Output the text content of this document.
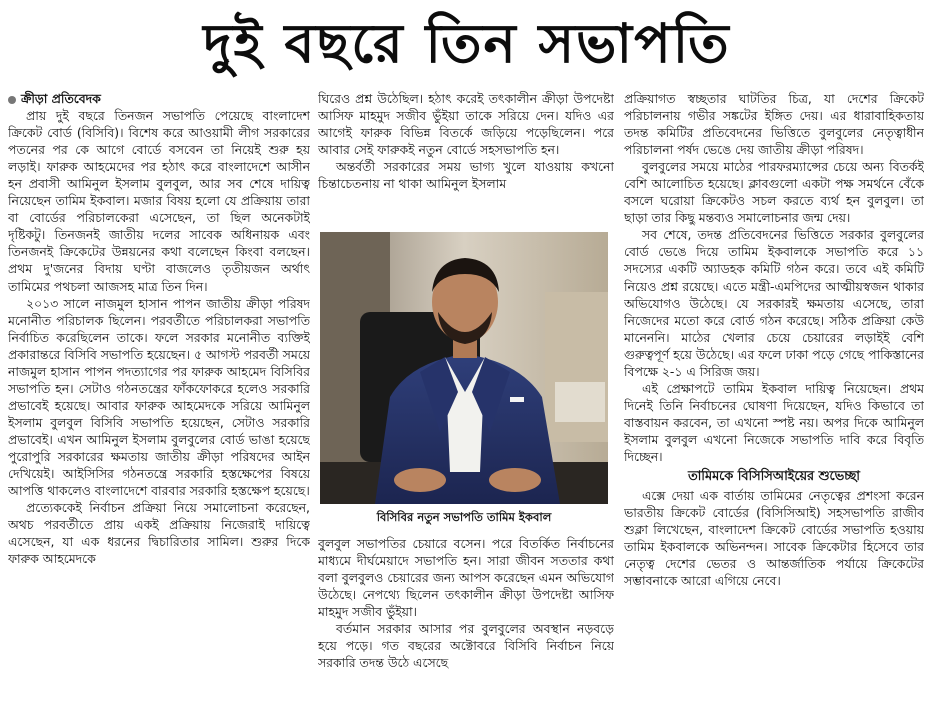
দুই বছরে তিন সভাপতি

ক্রীড়া প্রতিবেদক

প্রায় দুই বছরে তিনজন সভাপতি পেয়েছে বাংলাদেশ ক্রিকেট বোর্ড (বিসিবি)। বিশেষ করে আওয়ামী লীগ সরকারের পতনের পর কে আগে বোর্ডে বসবেন তা নিয়েই শুরু হয় লড়াই। ফারুক আহমেদের পর হঠাৎ করে বাংলাদেশে আসীন হন প্রবাসী আমিনুল ইসলাম বুলবুল, আর সব শেষে দায়িত্ব নিয়েছেন তামিম ইকবাল। মজার বিষয় হলো যে প্রক্রিয়ায় তারা বা বোর্ডের পরিচালকেরা এসেছেন, তা ছিল অনেকটাই দৃষ্টিকটু। তিনজনই জাতীয় দলের সাবেক অধিনায়ক এবং তিনজনই ক্রিকেটের উন্নয়নের কথা বলেছেন কিংবা বলছেন। প্রথম দু'জনের বিদায় ঘণ্টা বাজলেও তৃতীয়জন অর্থাৎ তামিমের পথচলা আজসহ মাত্র তিন দিন।

২০১৩ সালে নাজমুল হাসান পাপন জাতীয় ক্রীড়া পরিষদ মনোনীত পরিচালক ছিলেন। পরবর্তীতে পরিচালকরা সভাপতি নির্বাচিত করেছিলেন তাকে। ফলে সরকার মনোনীত ব্যক্তিই প্রকারান্তরে বিসিবি সভাপতি হয়েছেন। ৫ আগস্ট পরবর্তী সময়ে নাজমুল হাসান পাপন পদত্যাগের পর ফারুক আহমেদ বিসিবির সভাপতি হন। সেটাও গঠনতন্ত্রের ফাঁকফোকরে হলেও সরকারি প্রভাবেই হয়েছে। আবার ফারুক আহমেদকে সরিয়ে আমিনুল ইসলাম বুলবুল বিসিবি সভাপতি হয়েছেন, সেটাও সরকারি প্রভাবেই। এখন আমিনুল ইসলাম বুলবুলের বোর্ড ভাঙা হয়েছে পুরোপুরি সরকারের ক্ষমতায় জাতীয় ক্রীড়া পরিষদের আইন দেখিয়েই। আইসিসির গঠনতন্ত্রে সরকারি হস্তক্ষেপের বিষয়ে আপত্তি থাকলেও বাংলাদেশে বারবার সরকারি হস্তক্ষেপ হয়েছে।

প্রত্যেককেই নির্বাচন প্রক্রিয়া নিয়ে সমালোচনা করেছেন, অথচ পরবর্তীতে প্রায় একই প্রক্রিয়ায় নিজেরাই দায়িত্বে এসেছেন, যা এক ধরনের দ্বিচারিতার সামিল। শুরুর দিকে ফারুক আহমেদকে

ঘিরেও প্রশ্ন উঠেছিল। হঠাৎ করেই তৎকালীন ক্রীড়া উপদেষ্টা আসিফ মাহমুদ সজীব ভুঁইয়া তাকে সরিয়ে দেন। যদিও এর আগেই ফারুক বিভিন্ন বিতর্কে জড়িয়ে পড়েছিলেন। পরে আবার সেই ফারুকই নতুন বোর্ডে সহসভাপতি হন।

অন্তর্বর্তী সরকারের সময় ভাগ্য খুলে যাওয়ায় কখনো চিন্তাচেতনায় না থাকা আমিনুল ইসলাম

বিসিবির নতুন সভাপতি তামিম ইকবাল

বুলবুল সভাপতির চেয়ারে বসেন। পরে বিতর্কিত নির্বাচনের মাধ্যমে দীর্ঘমেয়াদে সভাপতি হন। সারা জীবন সততার কথা বলা বুলবুলও চেয়ারের জন্য আপস করেছেন এমন অভিযোগ উঠেছে। নেপথ্যে ছিলেন তৎকালীন ক্রীড়া উপদেষ্টা আসিফ মাহমুদ সজীব ভুঁইয়া।

বর্তমান সরকার আসার পর বুলবুলের অবস্থান নড়বড়ে হয়ে পড়ে। গত বছরের অক্টোবরে বিসিবি নির্বাচন নিয়ে সরকারি তদন্ত উঠে এসেছে

প্রক্রিয়াগত স্বচ্ছতার ঘাটতির চিত্র, যা দেশের ক্রিকেট পরিচালনায় গভীর সঙ্কটের ইঙ্গিত দেয়। এর ধারাবাহিকতায় তদন্ত কমিটির প্রতিবেদনের ভিত্তিতে বুলবুলের নেতৃত্বাধীন পরিচালনা পর্ষদ ভেঙে দেয় জাতীয় ক্রীড়া পরিষদ।

বুলবুলের সময়ে মাঠের পারফরম্যান্সের চেয়ে অন্য বিতর্কই বেশি আলোচিত হয়েছে। ক্লাবগুলো একটা পক্ষ সমর্থনে বেঁকে বসলে ঘরোয়া ক্রিকেটও সচল করতে ব্যর্থ হন বুলবুল। তা ছাড়া তার কিছু মন্তব্যও সমালোচনার জন্ম দেয়।

সব শেষে, তদন্ত প্রতিবেদনের ভিত্তিতে সরকার বুলবুলের বোর্ড ভেঙে দিয়ে তামিম ইকবালকে সভাপতি করে ১১ সদস্যের একটি অ্যাডহক কমিটি গঠন করে। তবে এই কমিটি নিয়েও প্রশ্ন রয়েছে। এতে মন্ত্রী-এমপিদের আত্মীয়স্বজন থাকার অভিযোগও উঠেছে। যে সরকারই ক্ষমতায় এসেছে, তারা নিজেদের মতো করে বোর্ড গঠন করেছে। সঠিক প্রক্রিয়া কেউ মানেননি। মাঠের খেলার চেয়ে চেয়ারের লড়াইই বেশি গুরুত্বপূর্ণ হয়ে উঠেছে। এর ফলে ঢাকা পড়ে গেছে পাকিস্তানের বিপক্ষে ২-১ এ সিরিজ জয়।

এই প্রেক্ষাপটে তামিম ইকবাল দায়িত্ব নিয়েছেন। প্রথম দিনেই তিনি নির্বাচনের ঘোষণা দিয়েছেন, যদিও কিভাবে তা বাস্তবায়ন করবেন, তা এখনো স্পষ্ট নয়। অপর দিকে আমিনুল ইসলাম বুলবুল এখনো নিজেকে সভাপতি দাবি করে বিবৃতি দিচ্ছেন।

তামিমকে বিসিসিআইয়ের শুভেচ্ছা

এক্সে দেয়া এক বার্তায় তামিমের নেতৃত্বের প্রশংসা করেন ভারতীয় ক্রিকেট বোর্ডের (বিসিসিআই) সহসভাপতি রাজীব শুক্লা লিখেছেন, বাংলাদেশ ক্রিকেট বোর্ডের সভাপতি হওয়ায় তামিম ইকবালকে অভিনন্দন। সাবেক ক্রিকেটার হিসেবে তার নেতৃত্ব দেশের ভেতর ও আন্তর্জাতিক পর্যায়ে ক্রিকেটের সম্ভাবনাকে আরো এগিয়ে নেবে।
